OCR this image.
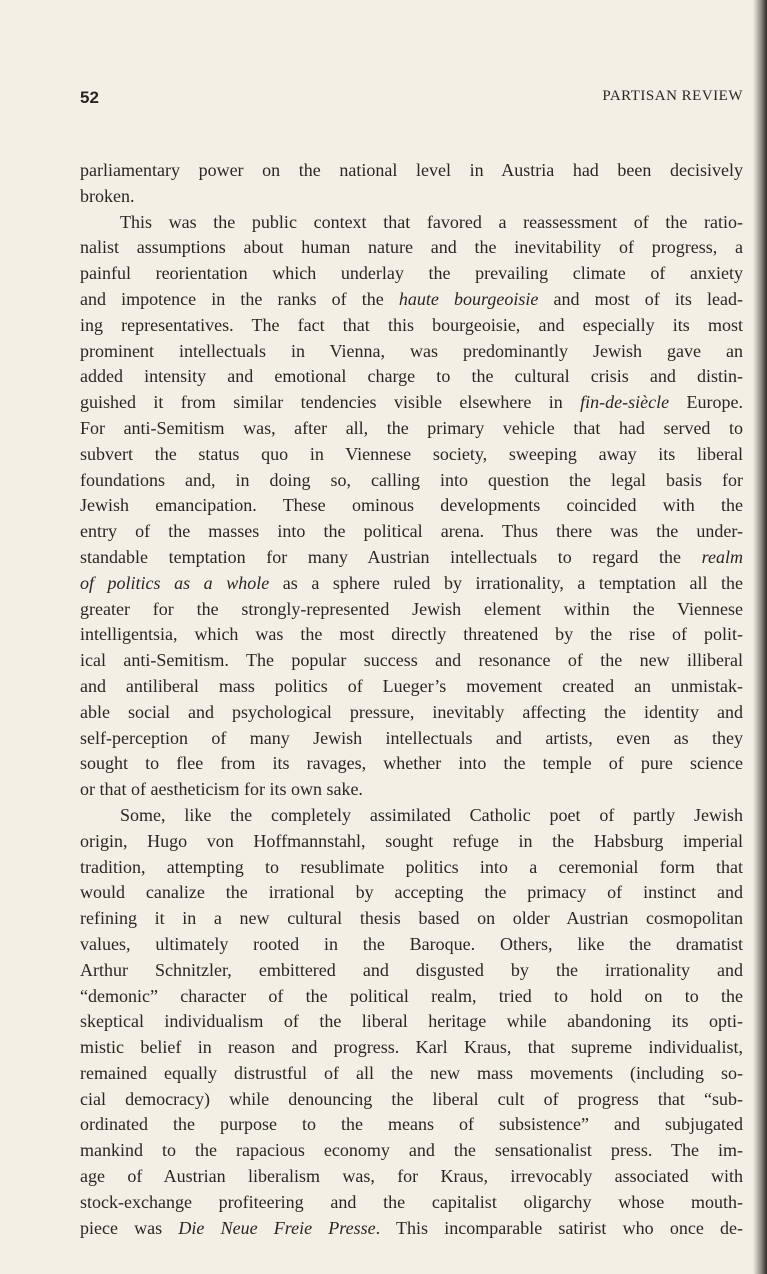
52	PARTISAN REVIEW
parliamentary power on the national level in Austria had been decisively
broken.
This was the public context that favored a reassessment of the ratio-
nalist assumptions about human nature and the inevitability of progress, a
painful reorientation which underlay the prevailing climate of anxiety
and impotence in the ranks of the haute bourgeoisie and most of its lead-
ing representatives. The fact that this bourgeoisie, and especially its most
prominent intellectuals in Vienna, was predominantly Jewish gave an
added intensity and emotional charge to the cultural crisis and distin-
guished it from similar tendencies visible elsewhere in fin-de-siècle Europe.
For anti-Semitism was, after all, the primary vehicle that had served to
subvert the status quo in Viennese society, sweeping away its liberal
foundations and, in doing so, calling into question the legal basis for
Jewish emancipation. These ominous developments coincided with the
entry of the masses into the political arena. Thus there was the under-
standable temptation for many Austrian intellectuals to regard the realm
of politics as a whole as a sphere ruled by irrationality, a temptation all the
greater for the strongly-represented Jewish element within the Viennese
intelligentsia, which was the most directly threatened by the rise of polit-
ical anti-Semitism. The popular success and resonance of the new illiberal
and antiliberal mass politics of Lueger’s movement created an unmistak-
able social and psychological pressure, inevitably affecting the identity and
self-perception of many Jewish intellectuals and artists, even as they
sought to flee from its ravages, whether into the temple of pure science
or that of aestheticism for its own sake.
Some, like the completely assimilated Catholic poet of partly Jewish
origin, Hugo von Hoffmannstahl, sought refuge in the Habsburg imperial
tradition, attempting to resublimate politics into a ceremonial form that
would canalize the irrational by accepting the primacy of instinct and
refining it in a new cultural thesis based on older Austrian cosmopolitan
values, ultimately rooted in the Baroque. Others, like the dramatist
Arthur Schnitzler, embittered and disgusted by the irrationality and
“demonic” character of the political realm, tried to hold on to the
skeptical individualism of the liberal heritage while abandoning its opti-
mistic belief in reason and progress. Karl Kraus, that supreme individualist,
remained equally distrustful of all the new mass movements (including so-
cial democracy) while denouncing the liberal cult of progress that “sub-
ordinated the purpose to the means of subsistence” and subjugated
mankind to the rapacious economy and the sensationalist press. The im-
age of Austrian liberalism was, for Kraus, irrevocably associated with
stock-exchange profiteering and the capitalist oligarchy whose mouth-
piece was Die Neue Freie Presse. This incomparable satirist who once de-
